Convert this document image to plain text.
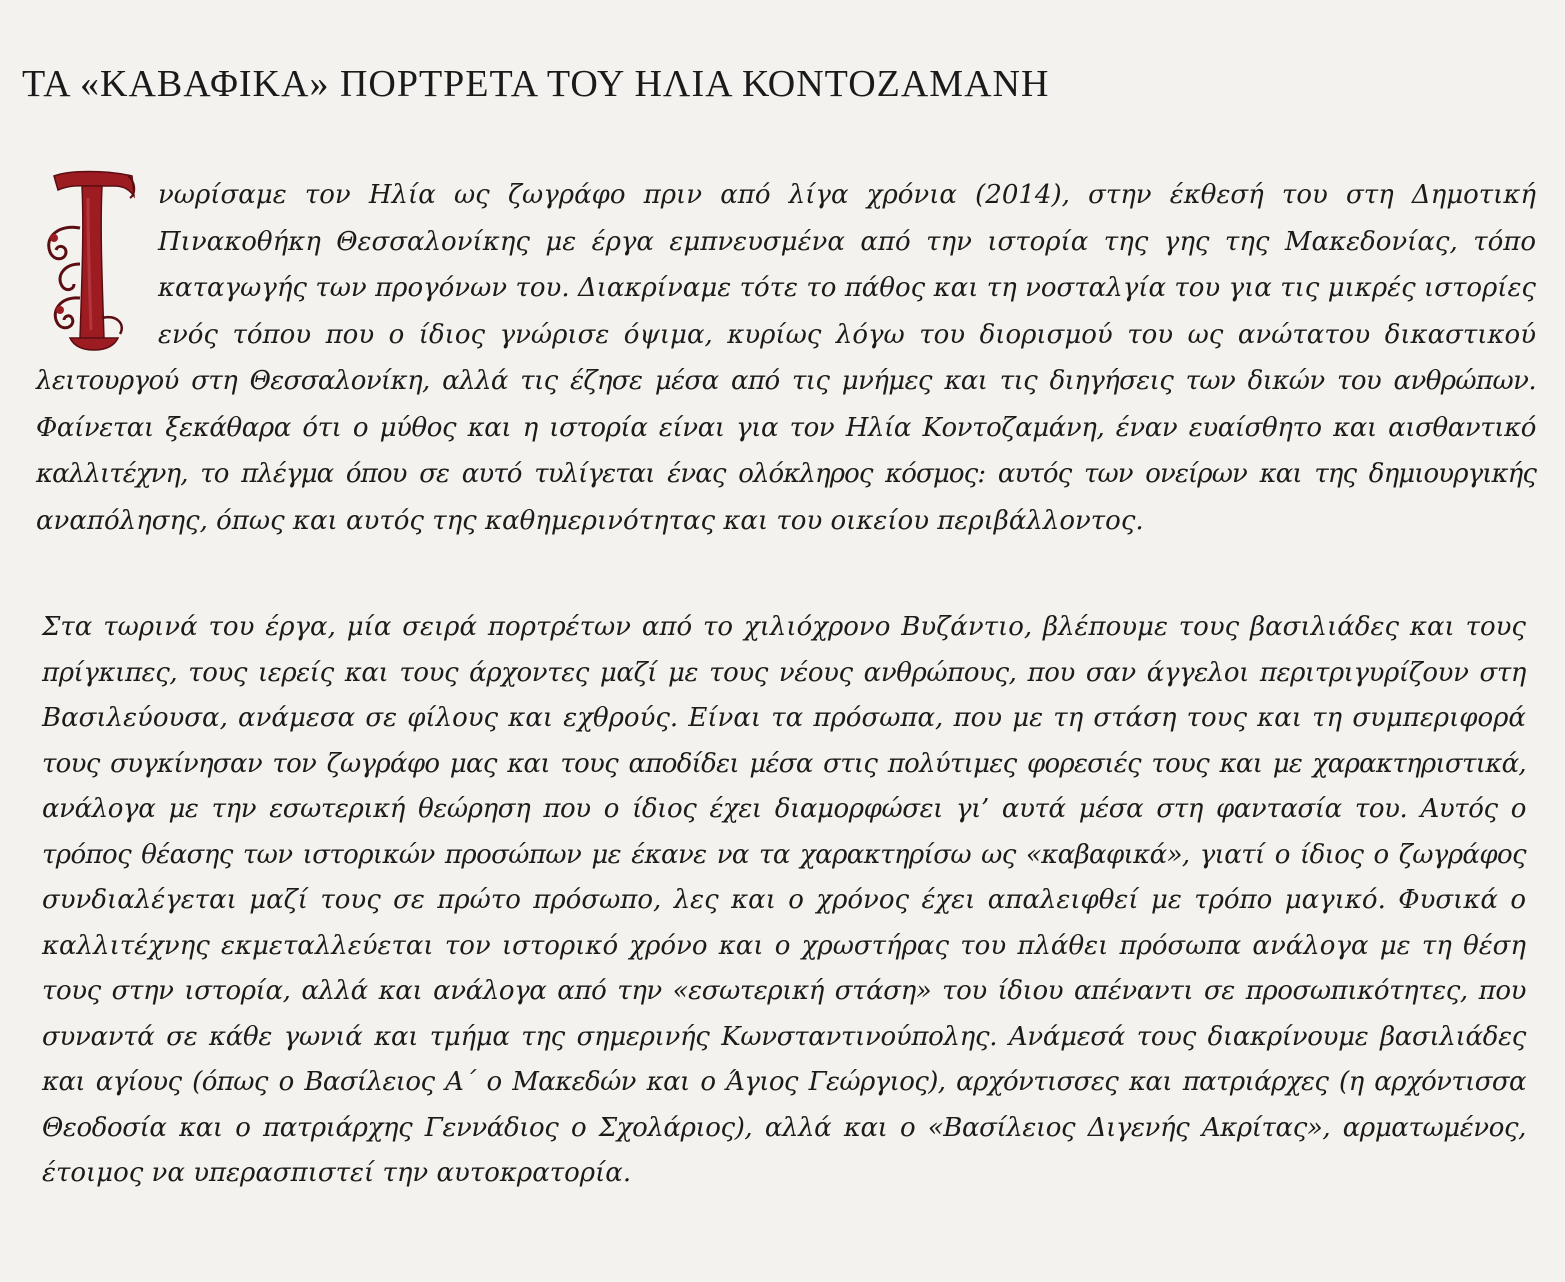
ΤΑ «ΚΑΒΑΦΙΚΑ» ΠΟΡΤΡΕΤΑ ΤΟΥ ΗΛΙΑ ΚΟΝΤΟΖΑΜΑΝΗ
νωρίσαμε τον Ηλία ως ζωγράφο πριν από λίγα χρόνια (2014), στην έκθεσή του στη Δημοτική
Πινακοθήκη Θεσσαλονίκης με έργα εμπνευσμένα από την ιστορία της γης της Μακεδονίας, τόπο
καταγωγής των προγόνων του. Διακρίναμε τότε το πάθος και τη νοσταλγία του για τις μικρές ιστορίες
ενός τόπου που ο ίδιος γνώρισε όψιμα, κυρίως λόγω του διορισμού του ως ανώτατου δικαστικού
λειτουργού στη Θεσσαλονίκη, αλλά τις έζησε μέσα από τις μνήμες και τις διηγήσεις των δικών του ανθρώπων.
Φαίνεται ξεκάθαρα ότι ο μύθος και η ιστορία είναι για τον Ηλία Κοντοζαμάνη, έναν ευαίσθητο και αισθαντικό
καλλιτέχνη, το πλέγμα όπου σε αυτό τυλίγεται ένας ολόκληρος κόσμος: αυτός των ονείρων και της δημιουργικής
αναπόλησης, όπως και αυτός της καθημερινότητας και του οικείου περιβάλλοντος.
Στα τωρινά του έργα, μία σειρά πορτρέτων από το χιλιόχρονο Βυζάντιο, βλέπουμε τους βασιλιάδες και τους
πρίγκιπες, τους ιερείς και τους άρχοντες μαζί με τους νέους ανθρώπους, που σαν άγγελοι περιτριγυρίζουν στη
Βασιλεύουσα, ανάμεσα σε φίλους και εχθρούς. Είναι τα πρόσωπα, που με τη στάση τους και τη συμπεριφορά
τους συγκίνησαν τον ζωγράφο μας και τους αποδίδει μέσα στις πολύτιμες φορεσιές τους και με χαρακτηριστικά,
ανάλογα με την εσωτερική θεώρηση που ο ίδιος έχει διαμορφώσει γι’ αυτά μέσα στη φαντασία του. Αυτός ο
τρόπος θέασης των ιστορικών προσώπων με έκανε να τα χαρακτηρίσω ως «καβαφικά», γιατί ο ίδιος ο ζωγράφος
συνδιαλέγεται μαζί τους σε πρώτο πρόσωπο, λες και ο χρόνος έχει απαλειφθεί με τρόπο μαγικό. Φυσικά ο
καλλιτέχνης εκμεταλλεύεται τον ιστορικό χρόνο και ο χρωστήρας του πλάθει πρόσωπα ανάλογα με τη θέση
τους στην ιστορία, αλλά και ανάλογα από την «εσωτερική στάση» του ίδιου απέναντι σε προσωπικότητες, που
συναντά σε κάθε γωνιά και τμήμα της σημερινής Κωνσταντινούπολης. Ανάμεσά τους διακρίνουμε βασιλιάδες
και αγίους (όπως ο Βασίλειος Α΄ ο Μακεδών και ο Άγιος Γεώργιος), αρχόντισσες και πατριάρχες (η αρχόντισσα
Θεοδοσία και ο πατριάρχης Γεννάδιος ο Σχολάριος), αλλά και ο «Βασίλειος Διγενής Ακρίτας», αρματωμένος,
έτοιμος να υπερασπιστεί την αυτοκρατορία.
